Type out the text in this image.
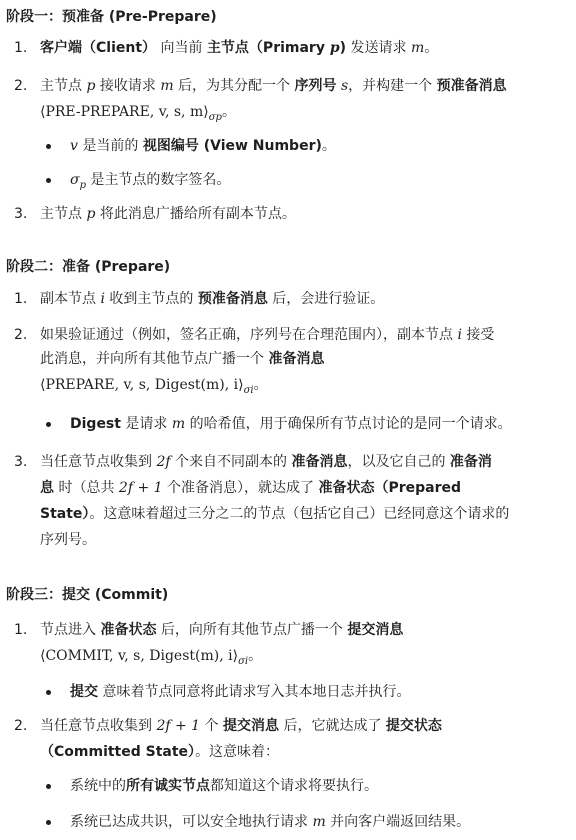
阶段一：预准备 (Pre-Prepare)
1. 客户端（Client） 向当前 主节点（Primary p) 发送请求 m。
2. 主节点 p 接收请求 m 后，为其分配一个 序列号 s，并构建一个 预准备消息
⟨PRE-PREPARE, v, s, $m⟩_{\sigma p}$。
v 是当前的 视图编号 (View Number)。
$\sigma_p$ 是主节点的数字签名。
3. 主节点 p 将此消息广播给所有副本节点。
阶段二：准备 (Prepare)
1. 副本节点 i 收到主节点的 预准备消息 后，会进行验证。
2. 如果验证通过（例如，签名正确，序列号在合理范围内），副本节点 i 接受
此消息，并向所有其他节点广播一个 准备消息
⟨PREPARE, v, s, Digest(m), $i⟩_{\sigma i}$。
Digest 是请求 m 的哈希值，用于确保所有节点讨论的是同一个请求。
3. 当任意节点收集到 2f 个来自不同副本的 准备消息，以及它自己的 准备消
息 时（总共 2f + 1 个准备消息），就达成了 准备状态（Prepared
State）。这意味着超过三分之二的节点（包括它自己）已经同意这个请求的
序列号。
阶段三：提交 (Commit)
1. 节点进入 准备状态 后，向所有其他节点广播一个 提交消息
⟨COMMIT, v, s, Digest(m), $i⟩_{\sigma i}$。
提交 意味着节点同意将此请求写入其本地日志并执行。
2. 当任意节点收集到 2f + 1 个 提交消息 后，它就达成了 提交状态
（Committed State）。这意味着：
系统中的所有诚实节点都知道这个请求将要执行。
系统已达成共识，可以安全地执行请求 m 并向客户端返回结果。
